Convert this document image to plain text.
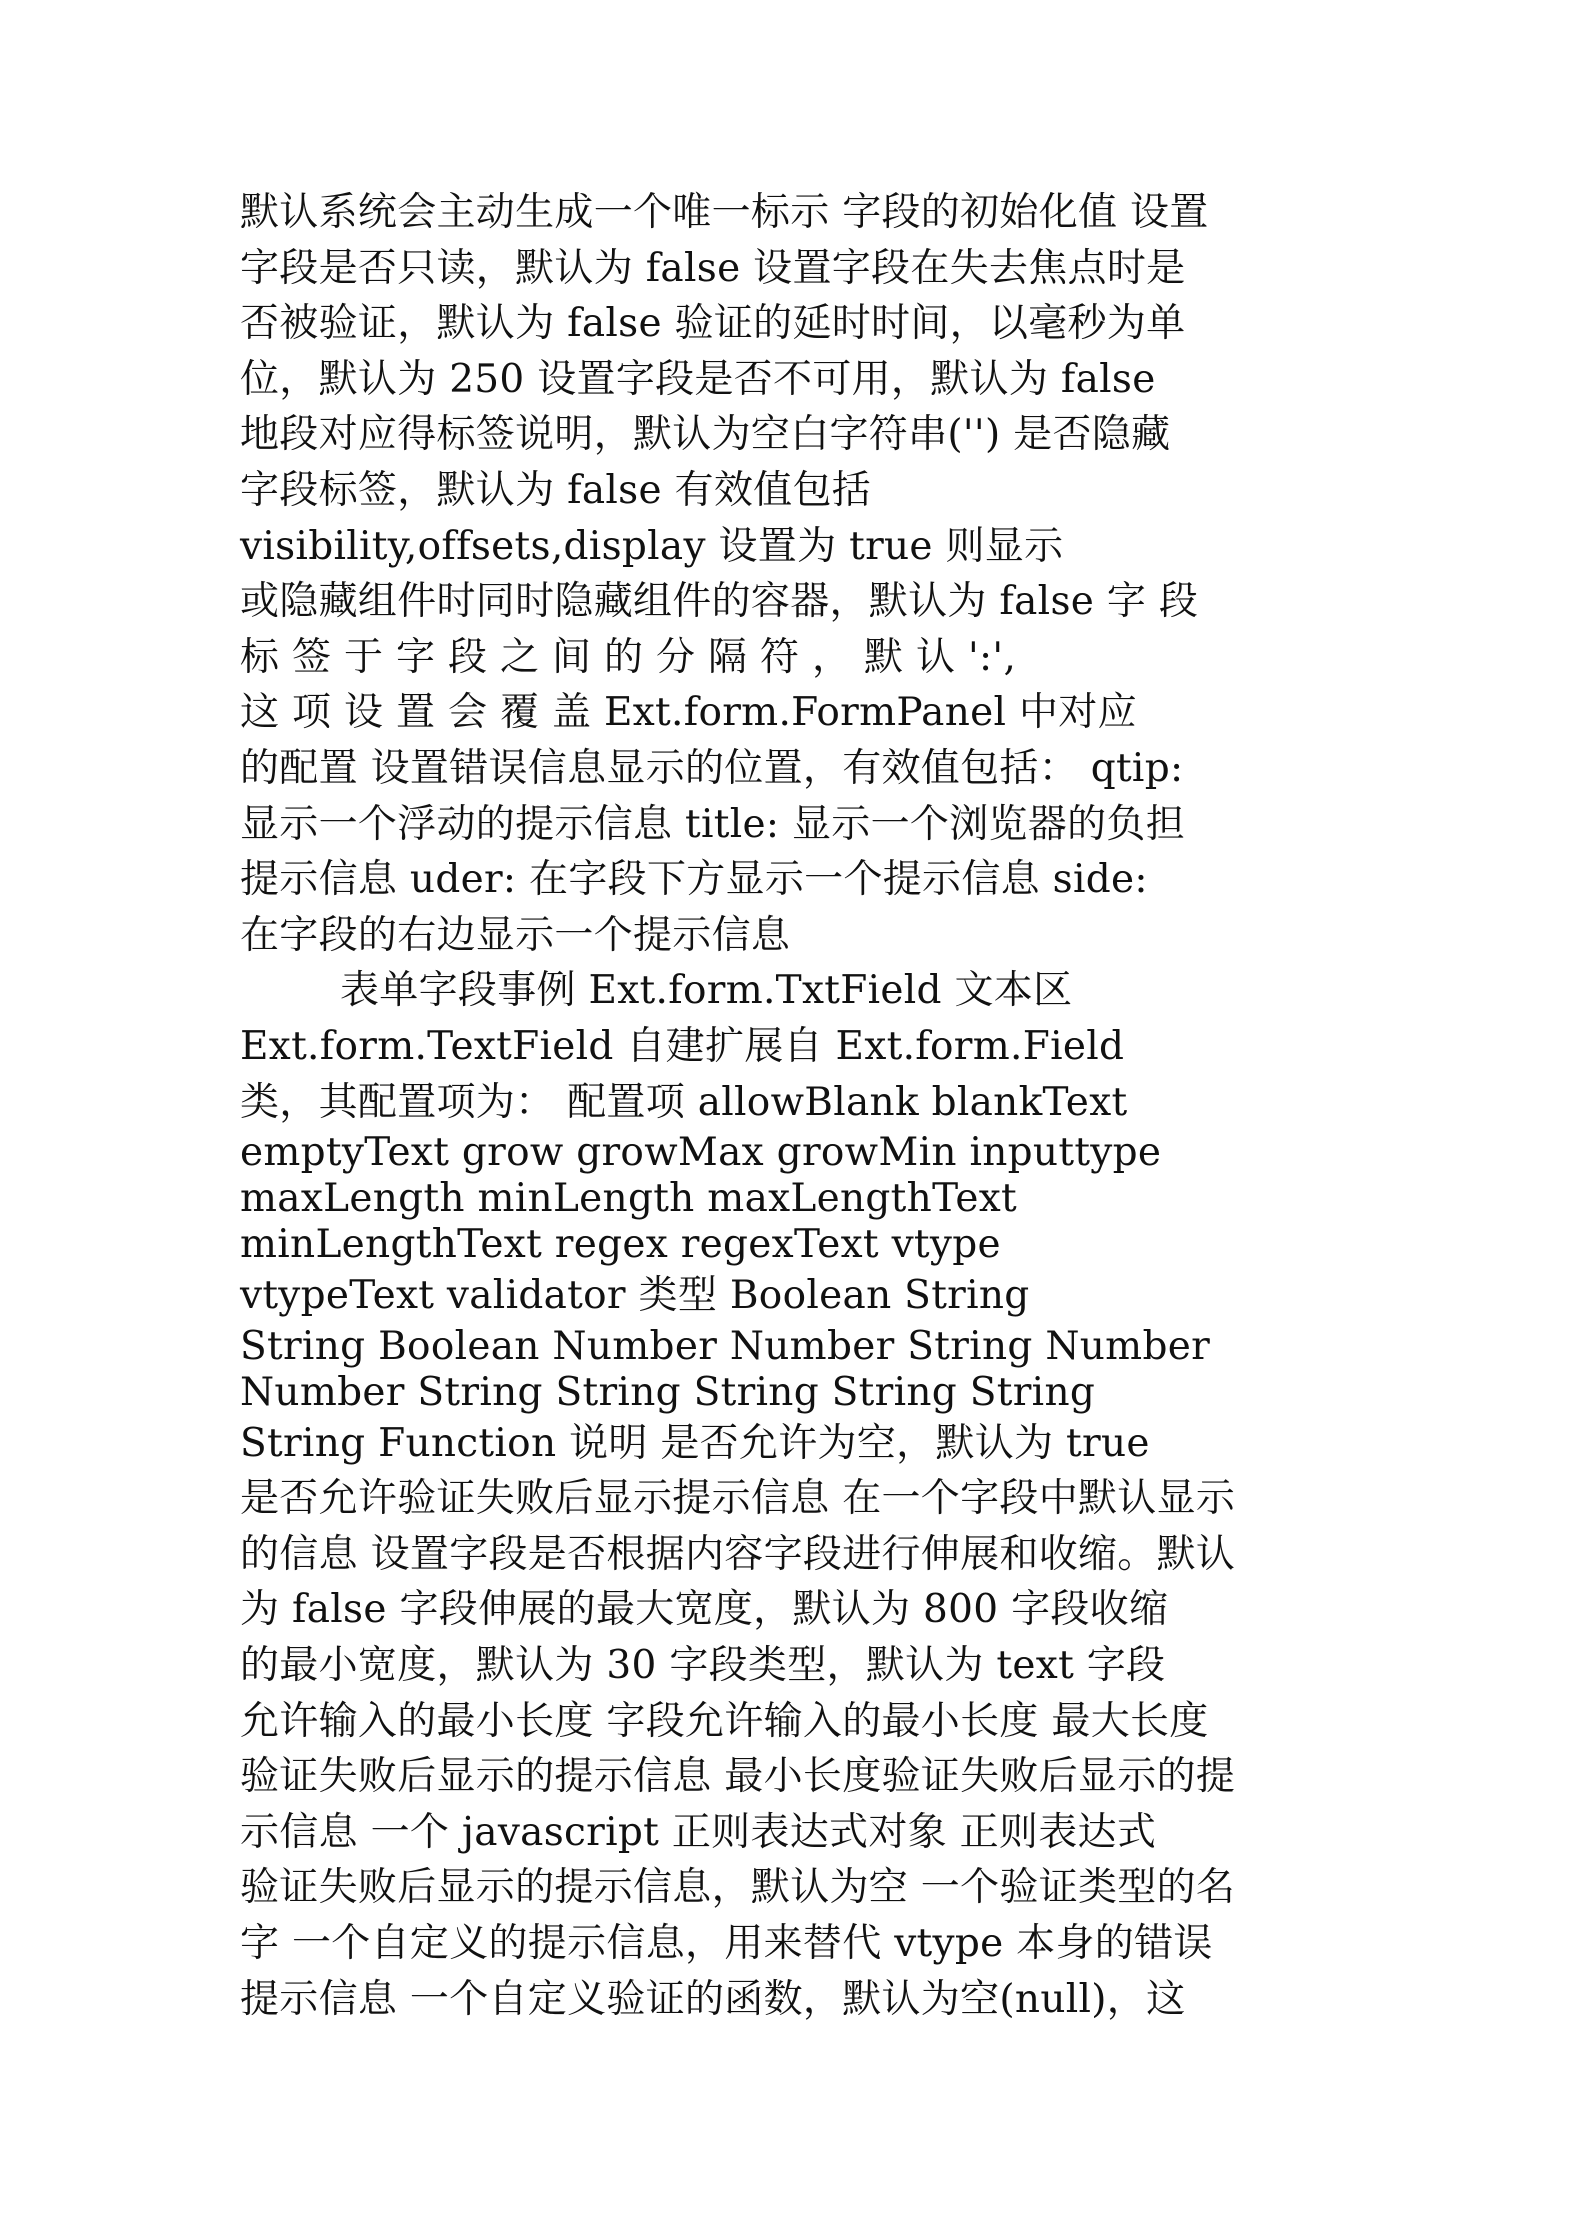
默认系统会主动生成一个唯一标示 字段的初始化值 设置
字段是否只读，默认为 false 设置字段在失去焦点时是
否被验证，默认为 false 验证的延时时间，以毫秒为单
位，默认为 250 设置字段是否不可用，默认为 false
地段对应得标签说明，默认为空白字符串('') 是否隐藏
字段标签，默认为 false 有效值包括
visibility,offsets,display 设置为 true 则显示
或隐藏组件时同时隐藏组件的容器，默认为 false 字 段
标 签 于 字 段 之 间 的 分 隔 符 ， 默 认 ':',
这 项 设 置 会 覆 盖 Ext.form.FormPanel 中对应
的配置 设置错误信息显示的位置，有效值包括： qtip:
显示一个浮动的提示信息 title: 显示一个浏览器的负担
提示信息 uder: 在字段下方显示一个提示信息 side:
在字段的右边显示一个提示信息
表单字段事例 Ext.form.TxtField 文本区
Ext.form.TextField 自建扩展自 Ext.form.Field
类，其配置项为： 配置项 allowBlank blankText
emptyText grow growMax growMin inputtype
maxLength minLength maxLengthText
minLengthText regex regexText vtype
vtypeText validator 类型 Boolean String
String Boolean Number Number String Number
Number String String String String String
String Function 说明 是否允许为空，默认为 true
是否允许验证失败后显示提示信息 在一个字段中默认显示
的信息 设置字段是否根据内容字段进行伸展和收缩。默认
为 false 字段伸展的最大宽度，默认为 800 字段收缩
的最小宽度，默认为 30 字段类型，默认为 text 字段
允许输入的最小长度 字段允许输入的最小长度 最大长度
验证失败后显示的提示信息 最小长度验证失败后显示的提
示信息 一个 javascript 正则表达式对象 正则表达式
验证失败后显示的提示信息，默认为空 一个验证类型的名
字 一个自定义的提示信息，用来替代 vtype 本身的错误
提示信息 一个自定义验证的函数，默认为空(null)，这
